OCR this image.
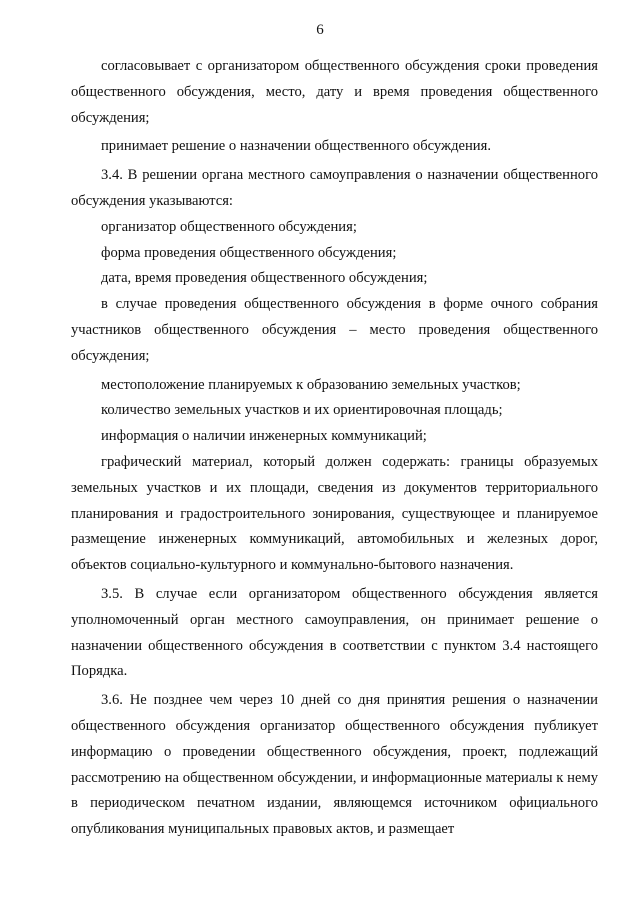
6

согласовывает с организатором общественного обсуждения сроки проведения общественного обсуждения, место, дату и время проведения общественного обсуждения;

принимает решение о назначении общественного обсуждения.

3.4. В решении органа местного самоуправления о назначении общественного обсуждения указываются:

организатор общественного обсуждения;

форма проведения общественного обсуждения;

дата, время проведения общественного обсуждения;

в случае проведения общественного обсуждения в форме очного собрания участников общественного обсуждения – место проведения общественного обсуждения;

местоположение планируемых к образованию земельных участков;

количество земельных участков и их ориентировочная площадь;

информация о наличии инженерных коммуникаций;

графический материал, который должен содержать: границы образуемых земельных участков и их площади, сведения из документов территориального планирования и градостроительного зонирования, существующее и планируемое размещение инженерных коммуникаций, автомобильных и железных дорог, объектов социально-культурного и коммунально-бытового назначения.

3.5. В случае если организатором общественного обсуждения является уполномоченный орган местного самоуправления, он принимает решение о назначении общественного обсуждения в соответствии с пунктом 3.4 настоящего Порядка.

3.6. Не позднее чем через 10 дней со дня принятия решения о назначении общественного обсуждения организатор общественного обсуждения публикует информацию о проведении общественного обсуждения, проект, подлежащий рассмотрению на общественном обсуждении, и информационные материалы к нему в периодическом печатном издании, являющемся источником официального опубликования муниципальных правовых актов, и размещает
